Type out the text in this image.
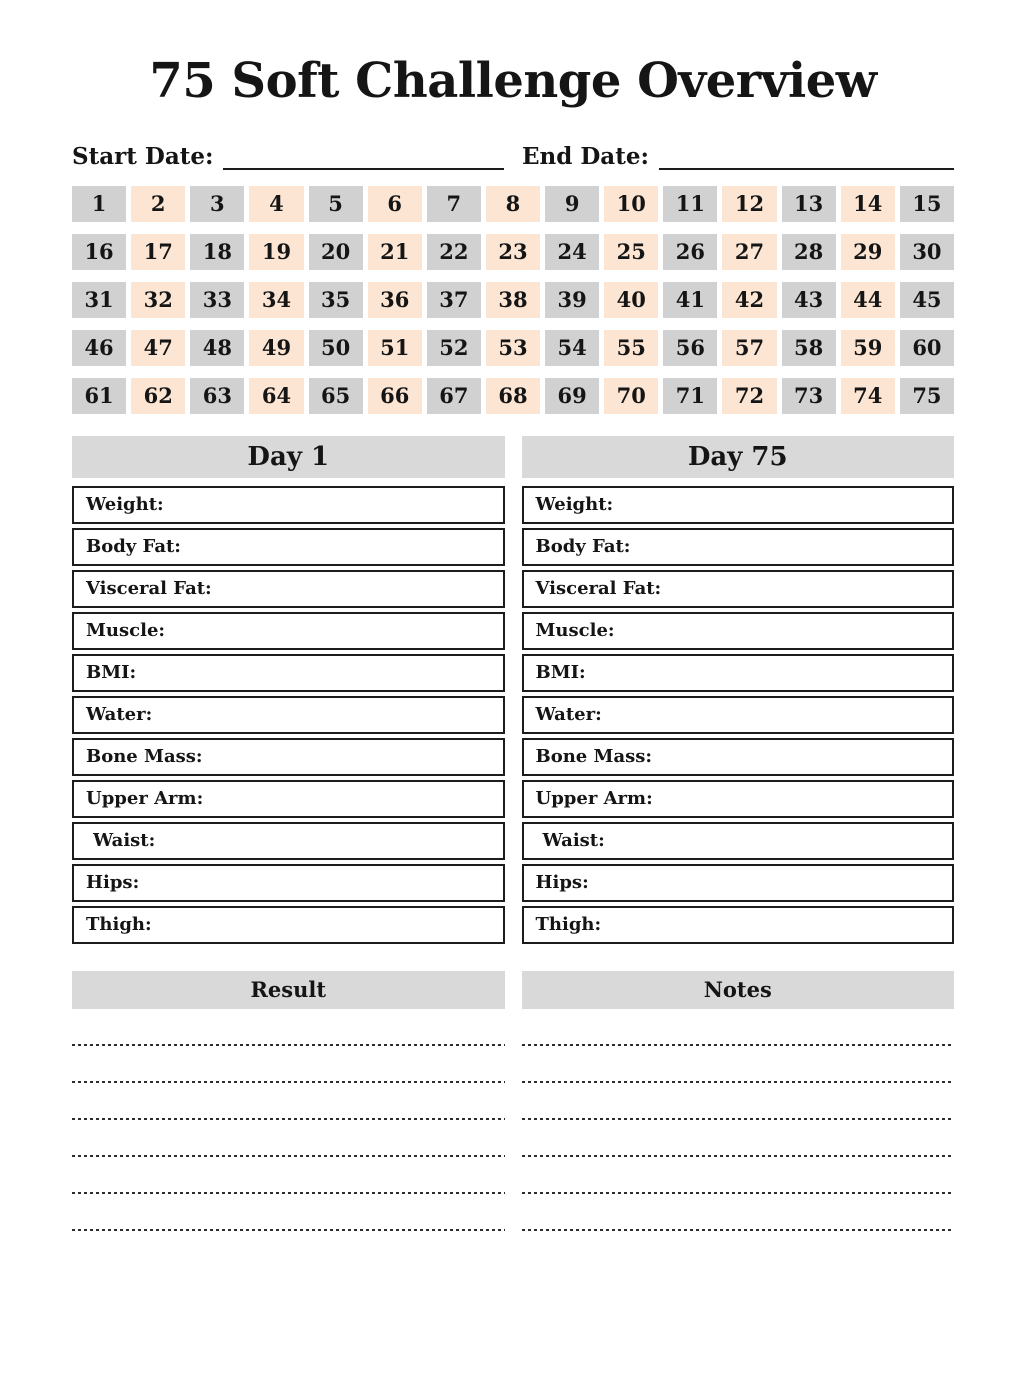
75 Soft Challenge Overview
Start Date:	End Date:
1	2	3	4	5	6	7	8	9	10	11	12	13	14	15
16	17	18	19	20	21	22	23	24	25	26	27	28	29	30
31	32	33	34	35	36	37	38	39	40	41	42	43	44	45
46	47	48	49	50	51	52	53	54	55	56	57	58	59	60
61	62	63	64	65	66	67	68	69	70	71	72	73	74	75
Day 1
Weight:
Body Fat:
Visceral Fat:
Muscle:
BMI:
Water:
Bone Mass:
Upper Arm:
Waist:
Hips:
Thigh:
Day 75
Weight:
Body Fat:
Visceral Fat:
Muscle:
BMI:
Water:
Bone Mass:
Upper Arm:
Waist:
Hips:
Thigh:
Result	Notes
